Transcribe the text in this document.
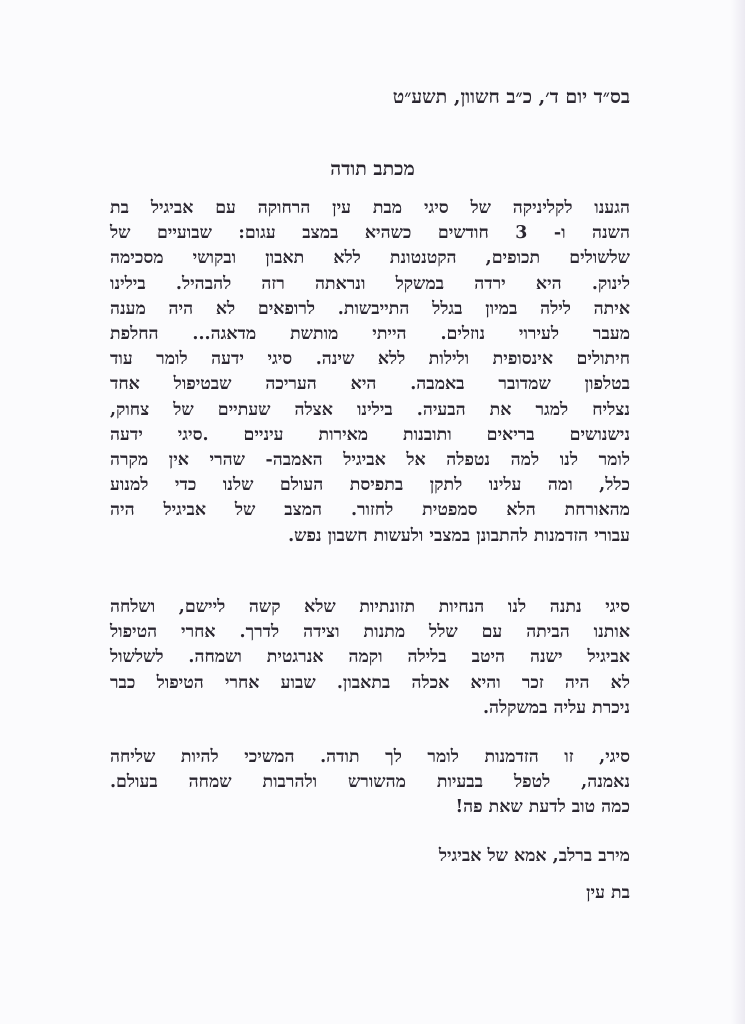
בס״ד יום ד׳, כ״ב חשוון, תשע״ט
מכתב תודה
הגענו לקליניקה של סיגי מבת עין הרחוקה עם אביגיל בת
השנה ו- 3 חודשים כשהיא במצב עגום: שבועיים של
שלשולים תכופים, הקטנטונת ללא תאבון ובקושי מסכימה
לינוק. היא ירדה במשקל ונראתה רזה להבהיל. בילינו
איתה לילה במיון בגלל התייבשות. לרופאים לא היה מענה
מעבר לעירוי נוזלים. הייתי מותשת מדאגה... החלפת
חיתולים אינסופית ולילות ללא שינה. סיגי ידעה לומר עוד
בטלפון שמדובר באמבה. היא העריכה שבטיפול אחד
נצליח למגר את הבעיה. בילינו אצלה שעתיים של צחוק,
נישנושים בריאים ותובנות מאירות עיניים .סיגי ידעה
לומר לנו למה נטפלה אל אביגיל האמבה- שהרי אין מקרה
כלל, ומה עלינו לתקן בתפיסת העולם שלנו כדי למנוע
מהאורחת הלא סמפטית לחזור. המצב של אביגיל היה
עבורי הזדמנות להתבונן במצבי ולעשות חשבון נפש.
סיגי נתנה לנו הנחיות תזונתיות שלא קשה ליישם, ושלחה
אותנו הביתה עם שלל מתנות וצידה לדרך. אחרי הטיפול
אביגיל ישנה היטב בלילה וקמה אנרגטית ושמחה. לשלשול
לא היה זכר והיא אכלה בתאבון. שבוע אחרי הטיפול כבר
ניכרת עליה במשקלה.
סיגי, זו הזדמנות לומר לך תודה. המשיכי להיות שליחה
נאמנה, לטפל בבעיות מהשורש ולהרבות שמחה בעולם.
כמה טוב לדעת שאת פה!
מירב ברלב, אמא של אביגיל
בת עין
